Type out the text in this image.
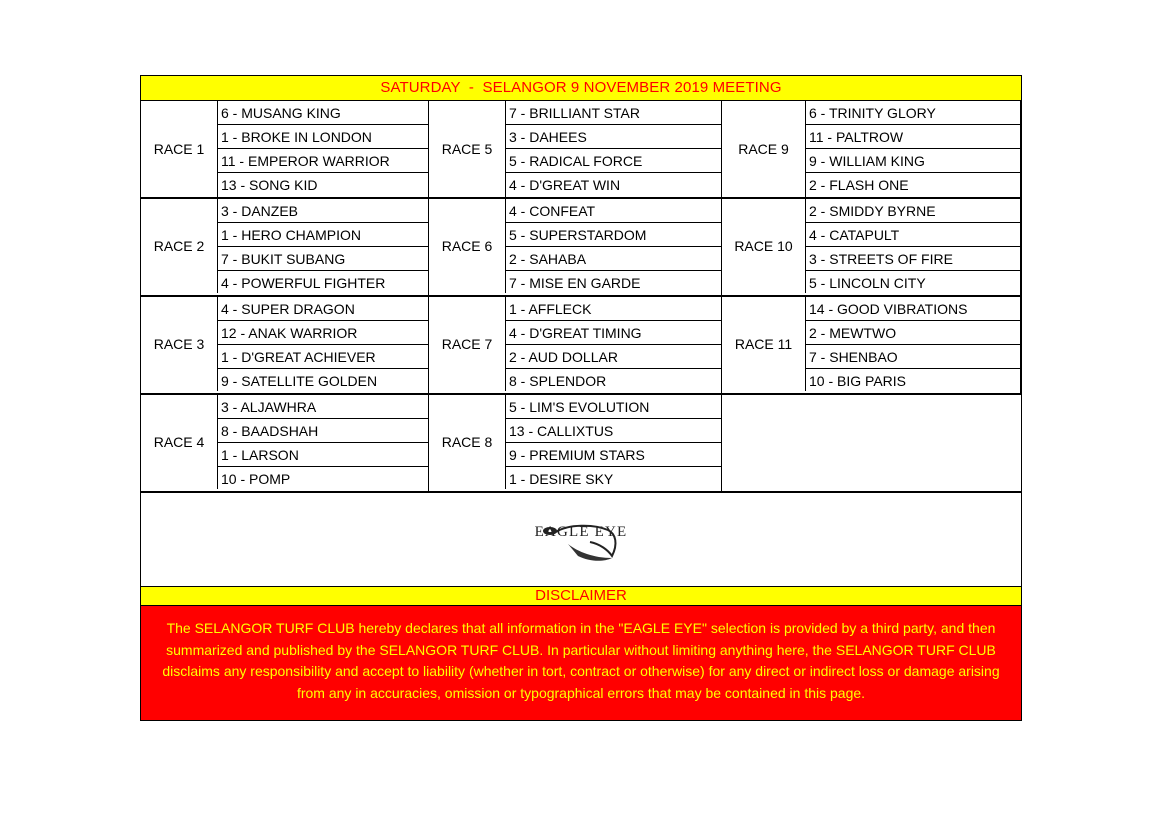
SATURDAY  -  SELANGOR 9 NOVEMBER 2019 MEETING
RACE 1
6 - MUSANG KING
1 - BROKE IN LONDON
11 - EMPEROR WARRIOR
13 - SONG KID
RACE 5
7 - BRILLIANT STAR
3 - DAHEES
5 - RADICAL FORCE
4 - D'GREAT WIN
RACE 9
6 - TRINITY GLORY
11 - PALTROW
9 - WILLIAM KING
2 - FLASH ONE
RACE 2
3 - DANZEB
1 - HERO CHAMPION
7 - BUKIT SUBANG
4 - POWERFUL FIGHTER
RACE 6
4 - CONFEAT
5 - SUPERSTARDOM
2 - SAHABA
7 - MISE EN GARDE
RACE 10
2 - SMIDDY BYRNE
4 - CATAPULT
3 - STREETS OF FIRE
5 - LINCOLN CITY
RACE 3
4 - SUPER DRAGON
12 - ANAK WARRIOR
1 - D'GREAT ACHIEVER
9 - SATELLITE GOLDEN
RACE 7
1 - AFFLECK
4 - D'GREAT TIMING
2 - AUD DOLLAR
8 - SPLENDOR
RACE 11
14 - GOOD VIBRATIONS
2 - MEWTWO
7 - SHENBAO
10 - BIG PARIS
RACE 4
3 - ALJAWHRA
8 - BAADSHAH
1 - LARSON
10 - POMP
RACE 8
5 - LIM'S EVOLUTION
13 - CALLIXTUS
9 - PREMIUM STARS
1 - DESIRE SKY
EAGLE EYE
DISCLAIMER
The SELANGOR TURF CLUB hereby declares that all information in the "EAGLE EYE" selection is provided by a third party, and then summarized and published by the SELANGOR TURF CLUB. In particular without limiting anything here, the SELANGOR TURF CLUB disclaims any responsibility and accept to liability (whether in tort, contract or otherwise) for any direct or indirect loss or damage arising from any in accuracies, omission or typographical errors that may be contained in this page.
